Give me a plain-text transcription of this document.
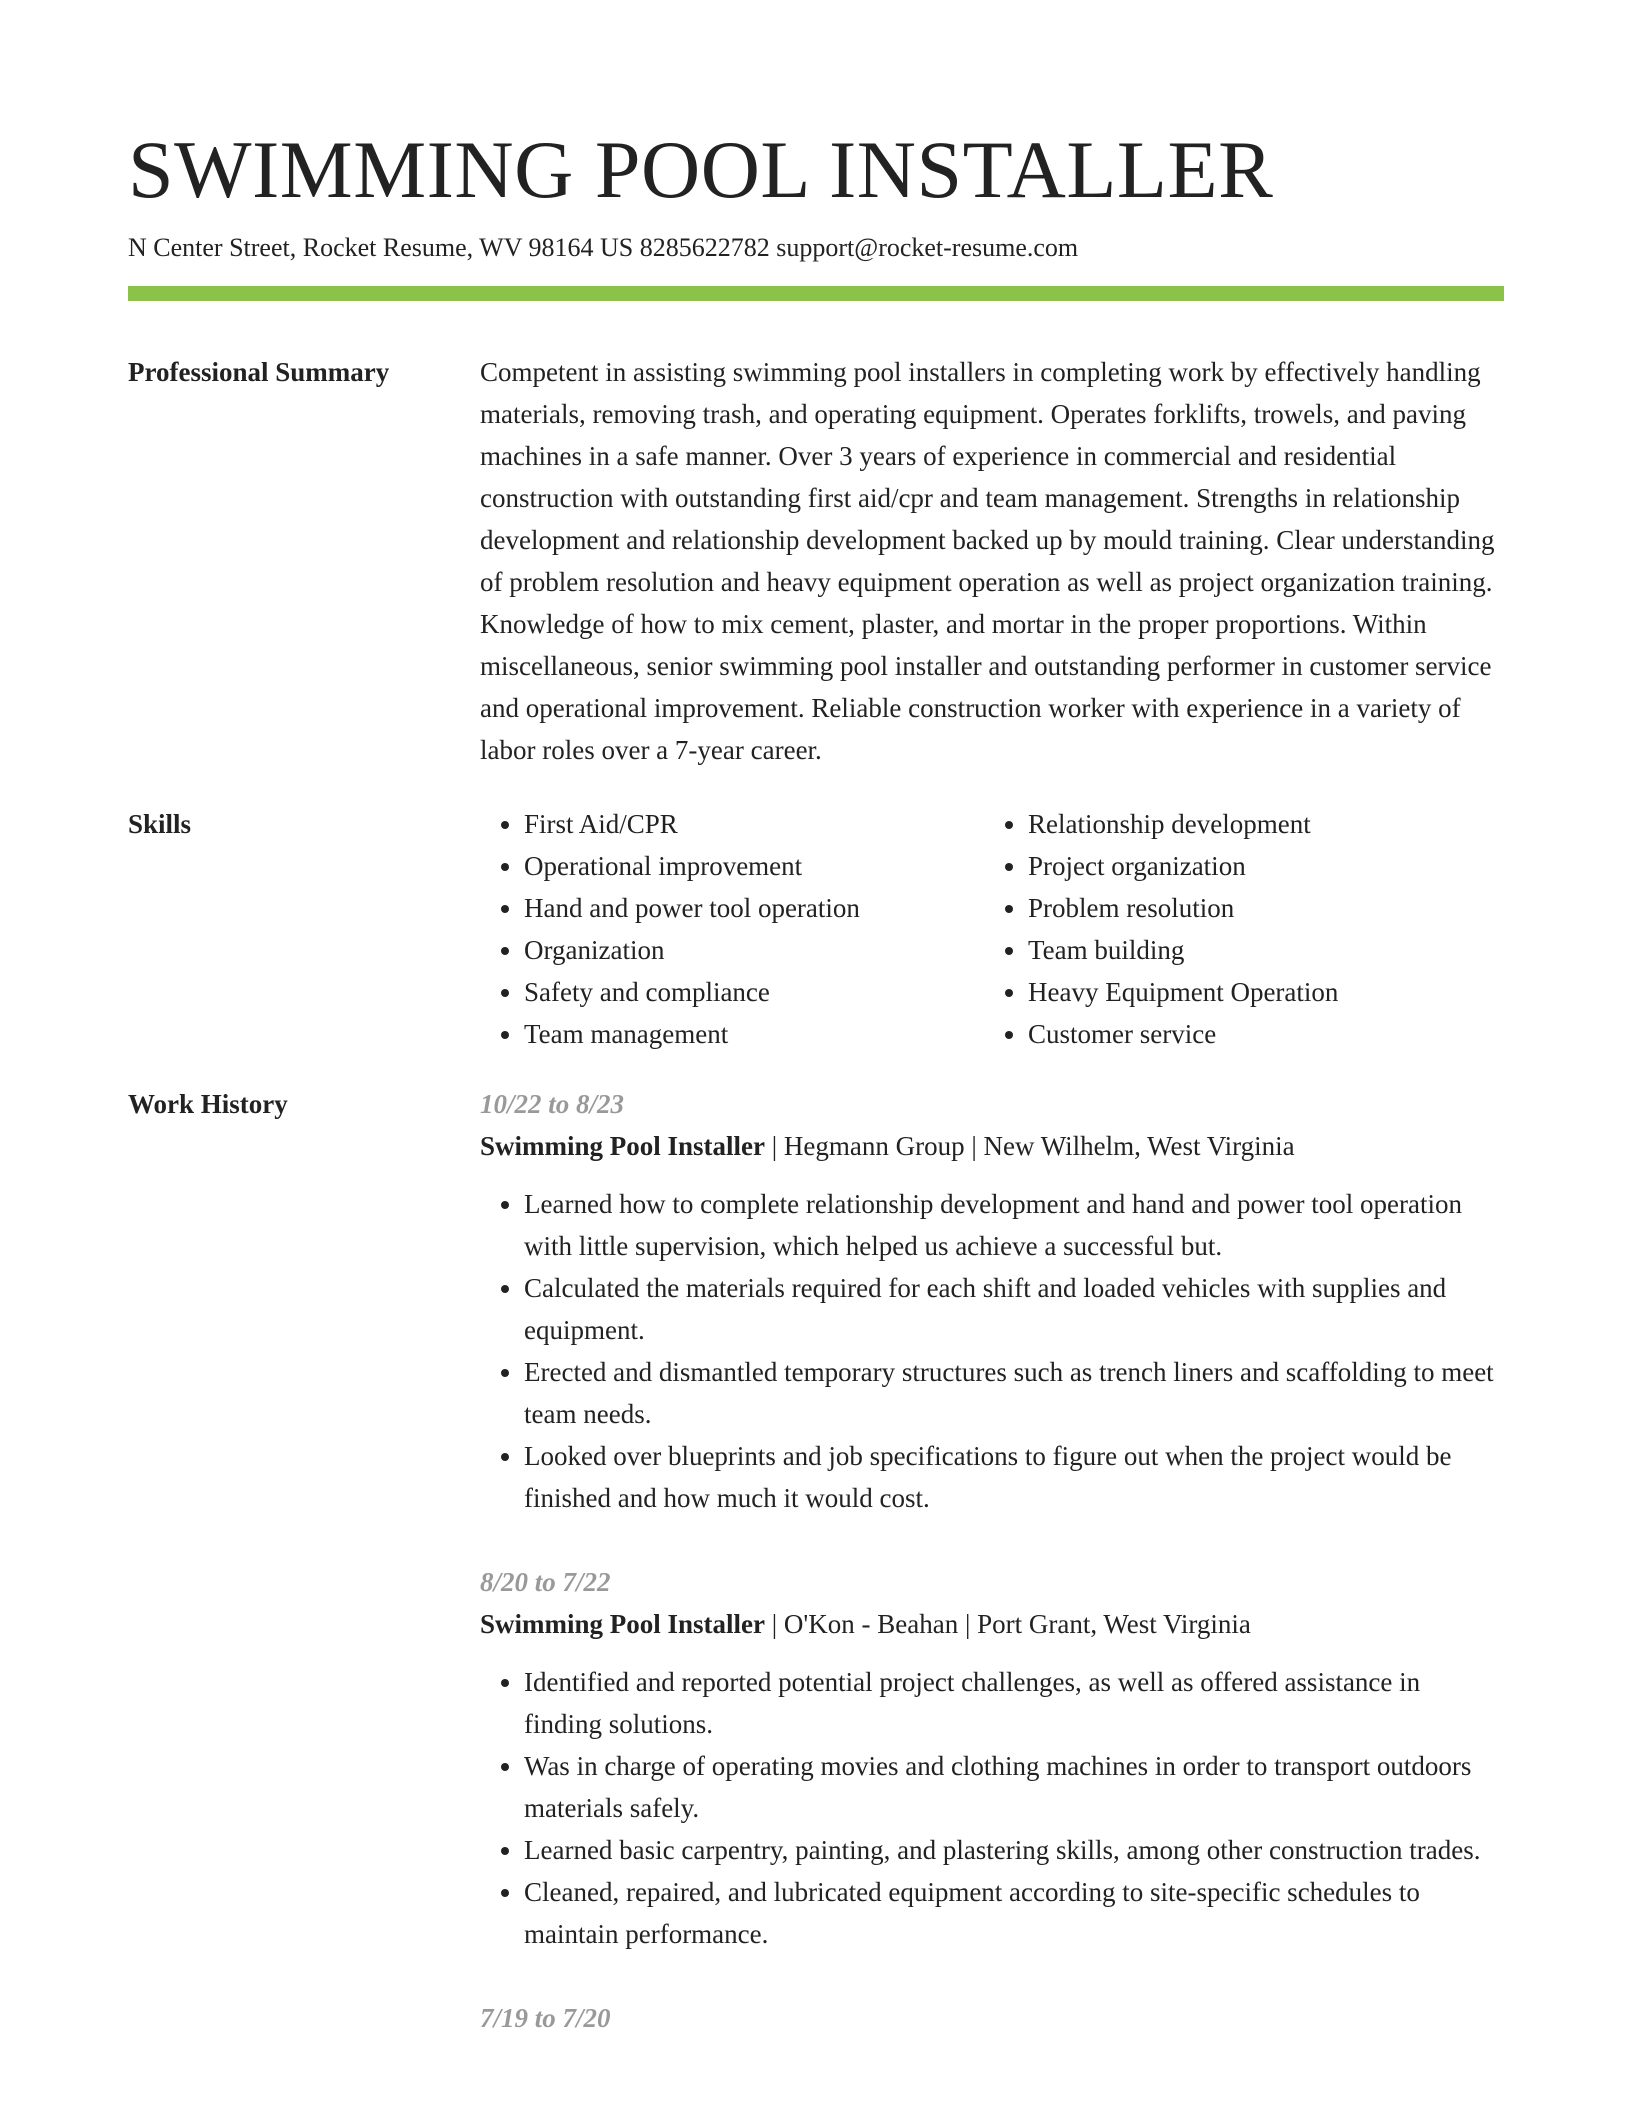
SWIMMING POOL INSTALLER
N Center Street, Rocket Resume, WV 98164 US 8285622782 support@rocket-resume.com
Professional Summary	Competent in assisting swimming pool installers in completing work by effectively handling materials, removing trash, and operating equipment. Operates forklifts, trowels, and paving machines in a safe manner. Over 3 years of experience in commercial and residential construction with outstanding first aid/cpr and team management. Strengths in relationship development and relationship development backed up by mould training. Clear understanding of problem resolution and heavy equipment operation as well as project organization training. Knowledge of how to mix cement, plaster, and mortar in the proper proportions. Within miscellaneous, senior swimming pool installer and outstanding performer in customer service and operational improvement. Reliable construction worker with experience in a variety of labor roles over a 7-year career.

Skills
•	First Aid/CPR
• Operational improvement
• Hand and power tool operation
• Organization
• Safety and compliance
• Team management
• Relationship development
• Project organization
• Problem resolution
• Team building
• Heavy Equipment Operation
• Customer service
Work History	10/22 to 8/23
Swimming Pool Installer | Hegmann Group | New Wilhelm, West Virginia
• Learned how to complete relationship development and hand and power tool operation with little supervision, which helped us achieve a successful but.
• Calculated the materials required for each shift and loaded vehicles with supplies and equipment.
• Erected and dismantled temporary structures such as trench liners and scaffolding to meet team needs.
• Looked over blueprints and job specifications to figure out when the project would be finished and how much it would cost.
8/20 to 7/22
Swimming Pool Installer | O'Kon - Beahan | Port Grant, West Virginia
• Identified and reported potential project challenges, as well as offered assistance in finding solutions.
• Was in charge of operating movies and clothing machines in order to transport outdoors materials safely.
• Learned basic carpentry, painting, and plastering skills, among other construction trades.
• Cleaned, repaired, and lubricated equipment according to site-specific schedules to maintain performance.
7/19 to 7/20
